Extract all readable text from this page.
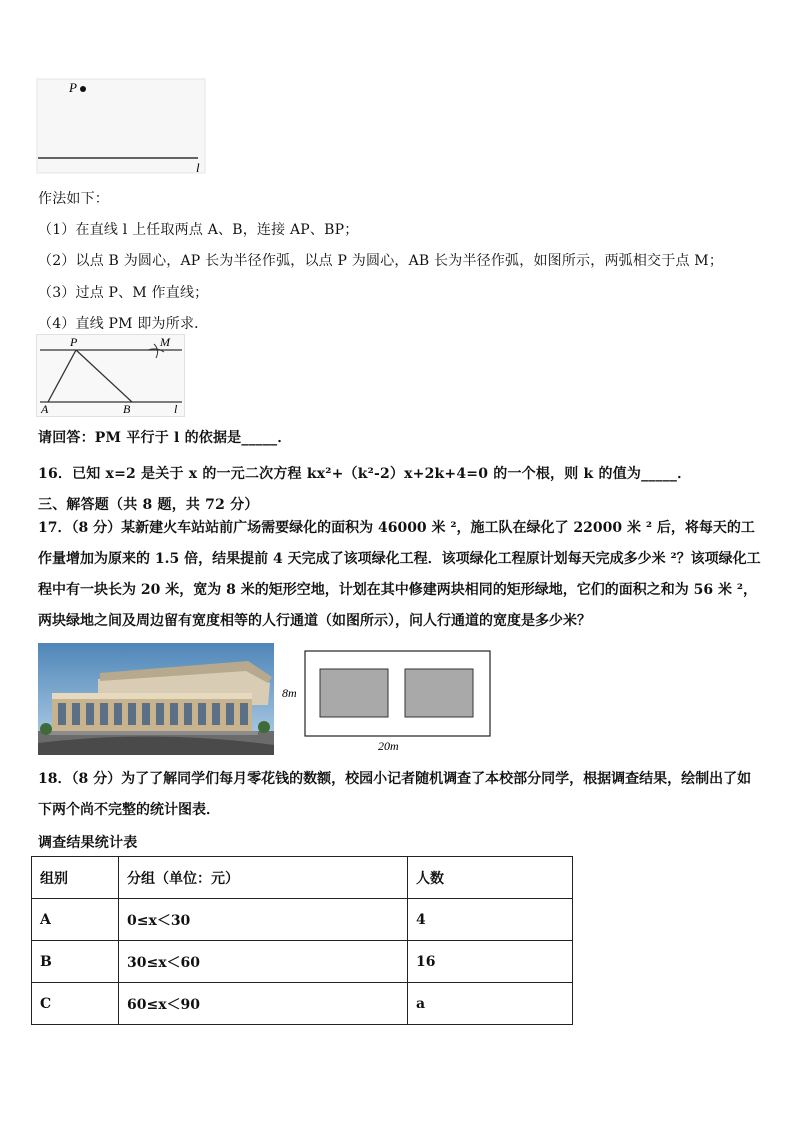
P
l
作法如下：
（1）在直线 l 上任取两点 A、B，连接 AP、BP；
（2）以点 B 为圆心，AP 长为半径作弧，以点 P 为圆心，AB 长为半径作弧，如图所示，两弧相交于点 M；
（3）过点 P、M 作直线；
（4）直线 PM 即为所求．
P	M
A	B	l
请回答：PM 平行于 l 的依据是_____．
16．已知 x=2 是关于 x 的一元二次方程 kx²+（k²-2）x+2k+4=0 的一个根，则 k 的值为_____．
三、解答题（共 8 题，共 72 分）
17．（8 分）某新建火车站站前广场需要绿化的面积为 46000 米 ²，施工队在绿化了 22000 米 ² 后，将每天的工作量增加为原来的 1.5 倍，结果提前 4 天完成了该项绿化工程．该项绿化工程原计划每天完成多少米 ²？该项绿化工程中有一块长为 20 米，宽为 8 米的矩形空地，计划在其中修建两块相同的矩形绿地，它们的面积之和为 56 米 ²，两块绿地之间及周边留有宽度相等的人行通道（如图所示），问人行通道的宽度是多少米？
8m
20m
18．（8 分）为了了解同学们每月零花钱的数额，校园小记者随机调查了本校部分同学，根据调查结果，绘制出了如下两个尚不完整的统计图表．
调查结果统计表
组别	分组（单位：元）	人数
A	0≤x＜30	4
B	30≤x＜60	16
C	60≤x＜90	a
